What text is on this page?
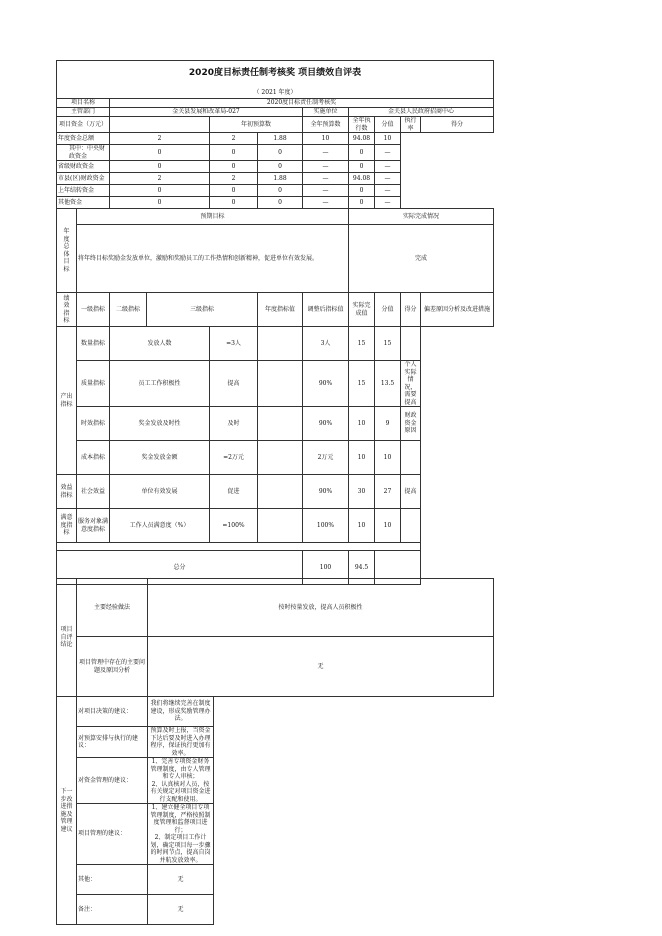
2020度目标责任制考核奖 项目绩效自评表										
（ 2021 年度）										
项目名称		2020度目标责任制考核奖								
主管部门		金关县发展和改革局-027				实施单位	金关县人民政府招商中心			
项目资金（万元）				年初预算数		全年预算数	全年执行数	分值	执行率	得分
年度资金总额		2		2	1.88	10	94.08	10		
其中：中央财政资金		0		0	0	—	0	—		
省级财政资金		0		0	0	—	0	—		
市县(区)财政资金		2		2	1.88	—	94.08	—		
上年结转资金		0		0	0	—	0	—		
其他资金		0		0	0	—	0	—		

年度总体目标	预期目标						实际完成情况			
	将年终目标奖励金发放单位，激励和奖励员工的工作热情和创新精神，促进单位有效发展。						完成			

绩效指标	一级指标	二级指标	三级指标		年度指标值	调整后指标值	实际完成值	分值	得分	偏差原因分析及改进措施
产出指标	数量指标	发放人数		=3人		3人	15	15		
	质量指标	员工工作积极性		提高		90%	15	13.5	个人实际情况，需要提高	
	时效指标	奖金发放及时性		及时		90%	10	9	财政资金原因	
	成本指标	奖金发放金额		=2万元		2万元	10	10		
效益指标	社会效益	单位有效发展		促进		90%	30	27	提高	
满意度指标	服务对象满意度指标	工作人员满意度（%）		=100%		100%	10	10		

总分						100	94.5			
项目自评结论	主要经验做法	按时按量发放，提高人员积极性
	项目管理中存在的主要问题及原因分析	无
下一步改进措施及管理建议	对项目决策的建议：	我们将继续完善在制度建设，形成奖励管理办法。
	对预算安排与执行的建议：	预算及时上报，当资金下达后要及时进入办理程序，保证执行更加有效率。
	对资金管理的建议：	1、完善专项资金财务管理制度，由专人管理和专人审核；
2、认真核对人员，按有关规定对项目资金进行支配和使用。
	项目管理的建议：	1、建立健全项目专项管理制度，严格按照制度管理和监督项目进行；
2、制定项目工作计划，确定项目每一步骤的时间节点，提高自岗并航发放效率。
	其他：	无
	备注：	无
